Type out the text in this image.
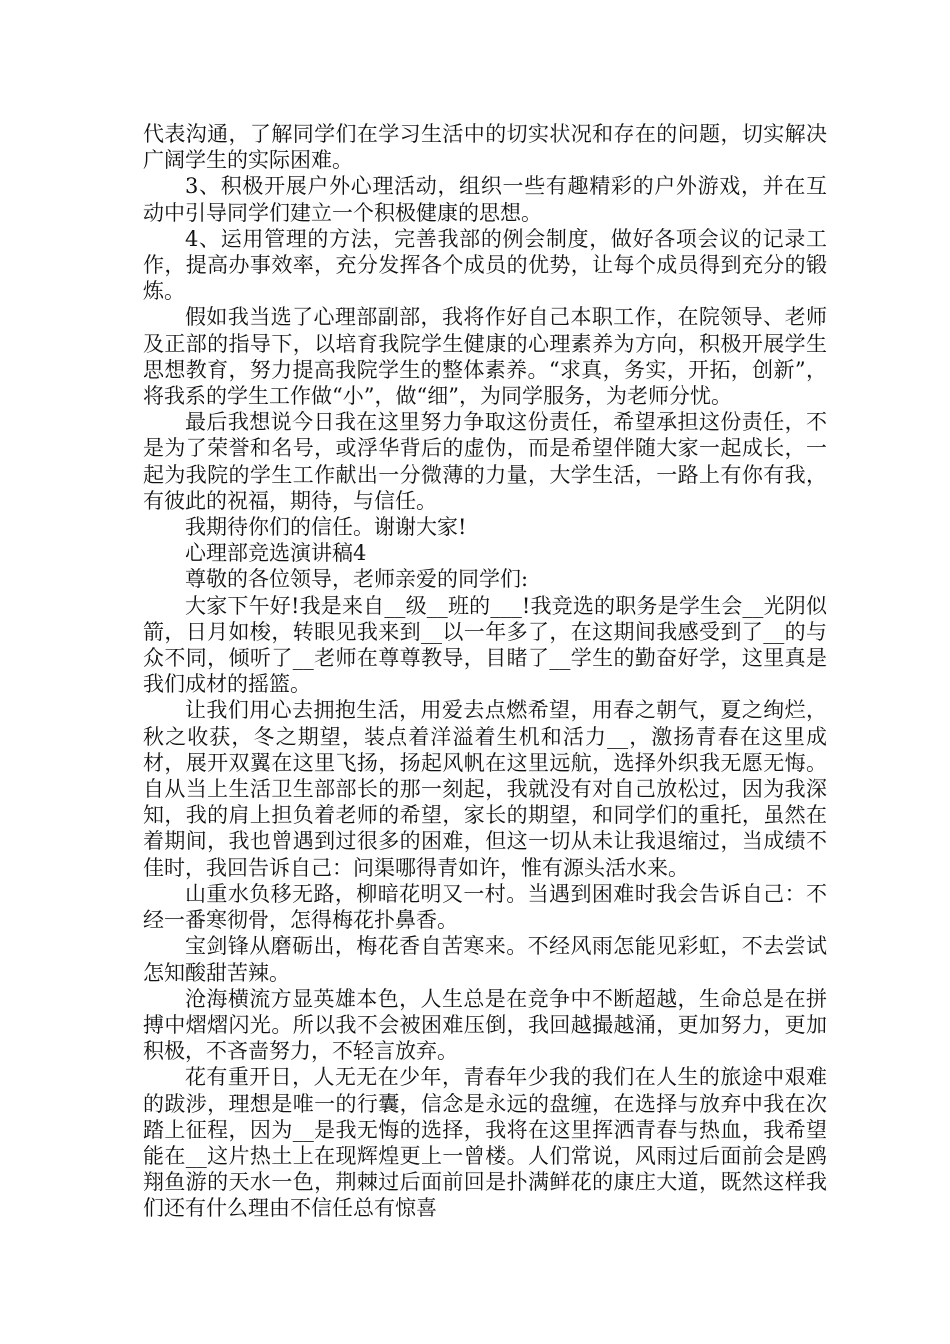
代表沟通，了解同学们在学习生活中的切实状况和存在的问题，切实解决广阔学生的实际困难。

3、积极开展户外心理活动，组织一些有趣精彩的户外游戏，并在互动中引导同学们建立一个积极健康的思想。

4、运用管理的方法，完善我部的例会制度，做好各项会议的记录工作，提高办事效率，充分发挥各个成员的优势，让每个成员得到充分的锻炼。

假如我当选了心理部副部，我将作好自己本职工作，在院领导、老师及正部的指导下，以培育我院学生健康的心理素养为方向，积极开展学生思想教育，努力提高我院学生的整体素养。“求真，务实，开拓，创新”，将我系的学生工作做“小”，做“细”，为同学服务，为老师分忧。

最后我想说今日我在这里努力争取这份责任，希望承担这份责任，不是为了荣誉和名号，或浮华背后的虚伪，而是希望伴随大家一起成长，一起为我院的学生工作献出一分微薄的力量，大学生活，一路上有你有我，有彼此的祝福，期待，与信任。

我期待你们的信任。谢谢大家!

心理部竞选演讲稿4

尊敬的各位领导，老师亲爱的同学们:

大家下午好!我是来自__级__班的___!我竞选的职务是学生会__光阴似箭，日月如梭，转眼见我来到__以一年多了，在这期间我感受到了__的与众不同，倾听了__老师在尊尊教导，目睹了__学生的勤奋好学，这里真是我们成材的摇篮。

让我们用心去拥抱生活，用爱去点燃希望，用春之朝气，夏之绚烂，秋之收获，冬之期望，装点着洋溢着生机和活力__，激扬青春在这里成材，展开双翼在这里飞扬，扬起风帆在这里远航，选择外织我无愿无悔。自从当上生活卫生部部长的那一刻起，我就没有对自己放松过，因为我深知，我的肩上担负着老师的希望，家长的期望，和同学们的重托，虽然在着期间，我也曾遇到过很多的困难，但这一切从未让我退缩过，当成绩不佳时，我回告诉自己：问渠哪得青如许，惟有源头活水来。

山重水负移无路，柳暗花明又一村。当遇到困难时我会告诉自己：不经一番寒彻骨，怎得梅花扑鼻香。

宝剑锋从磨砺出，梅花香自苦寒来。不经风雨怎能见彩虹，不去尝试怎知酸甜苦辣。

沧海横流方显英雄本色，人生总是在竞争中不断超越，生命总是在拼搏中熠熠闪光。所以我不会被困难压倒，我回越撮越涌，更加努力，更加积极，不吝啬努力，不轻言放弃。

花有重开日，人无无在少年，青春年少我的我们在人生的旅途中艰难的跋涉，理想是唯一的行囊，信念是永远的盘缠，在选择与放弃中我在次踏上征程，因为__是我无悔的选择，我将在这里挥洒青春与热血，我希望能在__这片热土上在现辉煌更上一曾楼。人们常说，风雨过后面前会是鸥翔鱼游的天水一色，荆棘过后面前回是扑满鲜花的康庄大道，既然这样我们还有什么理由不信任总有惊喜
